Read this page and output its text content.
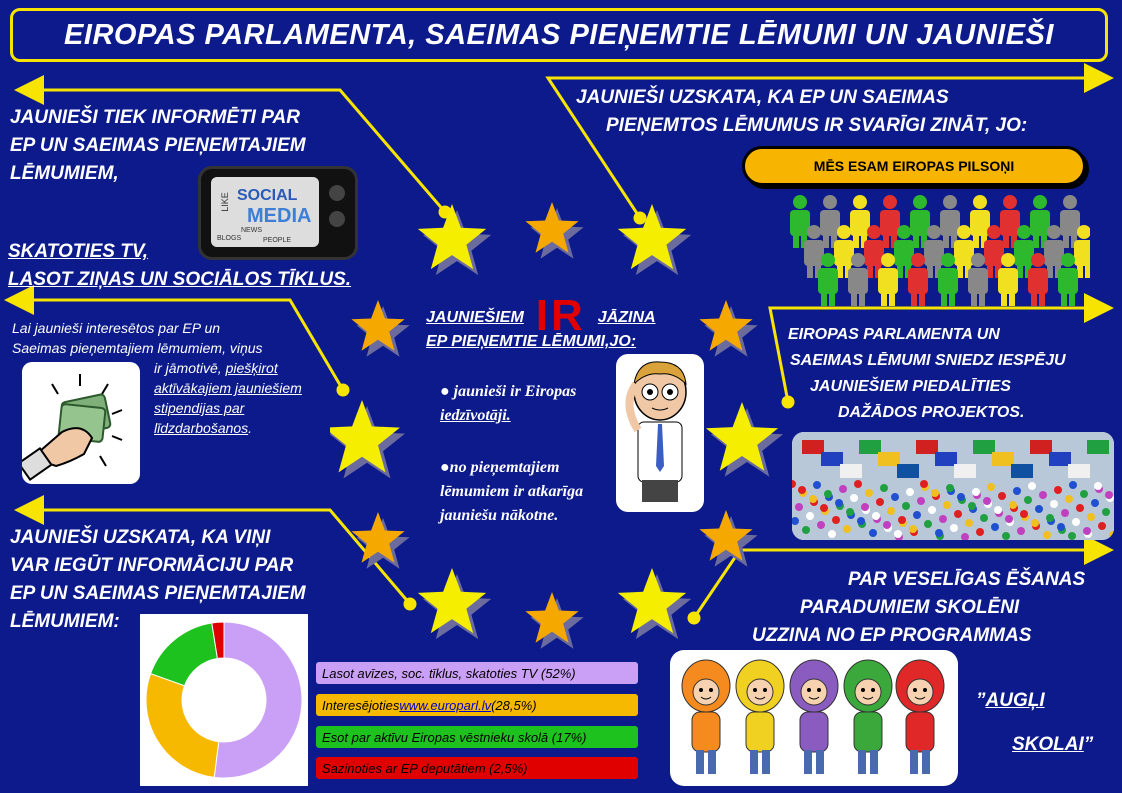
EIROPAS PARLAMENTA, SAEIMAS PIEŅEMTIE LĒMUMI UN JAUNIEŠI
JAUNIEŠI TIEK INFORMĒTI PAR
EP UN SAEIMAS PIEŅEMTAJIEM
LĒMUMIEM,
SOCIAL
MEDIA
NEWS
BLOGS	PEOPLE
LIKE
SKATOTIES TV,
LASOT ZIŅAS UN SOCIĀLOS TĪKLUS.
Lai jaunieši interesētos par EP un
Saeimas pieņemtajiem lēmumiem, viņus
ir jāmotivē, piešķirot
aktīvākajiem jauniešiem
stipendijas par
līdzdarbošanos.
JAUNIEŠI UZSKATA, KA VIŅI
VAR IEGŪT INFORMĀCIJU PAR
EP UN SAEIMAS PIEŅEMTAJIEM
LĒMUMIEM:
Lasot avīzes, soc. tīklus, skatoties TV (52%)
Interesējoties www.europarl.lv (28,5%)
Esot par aktīvu Eiropas vēstnieku skolā (17%)
Sazinoties ar EP deputātiem (2,5%)
JAUNIEŠI UZSKATA, KA EP UN SAEIMAS
PIEŅEMTOS LĒMUMUS IR SVARĪGI ZINĀT, JO:
MĒS ESAM EIROPAS PILSOŅI
EIROPAS PARLAMENTA UN
SAEIMAS LĒMUMI SNIEDZ IESPĒJU
JAUNIEŠIEM PIEDALĪTIES
DAŽĀDOS PROJEKTOS.
PAR VESELĪGAS ĒŠANAS
PARADUMIEM SKOLĒNI
UZZINA NO EP PROGRAMMAS
”AUGĻI
SKOLAI”
JAUNIEŠIEM IR JĀZINA
EP PIEŅEMTIE LĒMUMI,JO:
● jaunieši ir Eiropas
iedzīvotāji.
●no pieņemtajiem
lēmumiem ir atkarīga
jauniešu nākotne.
